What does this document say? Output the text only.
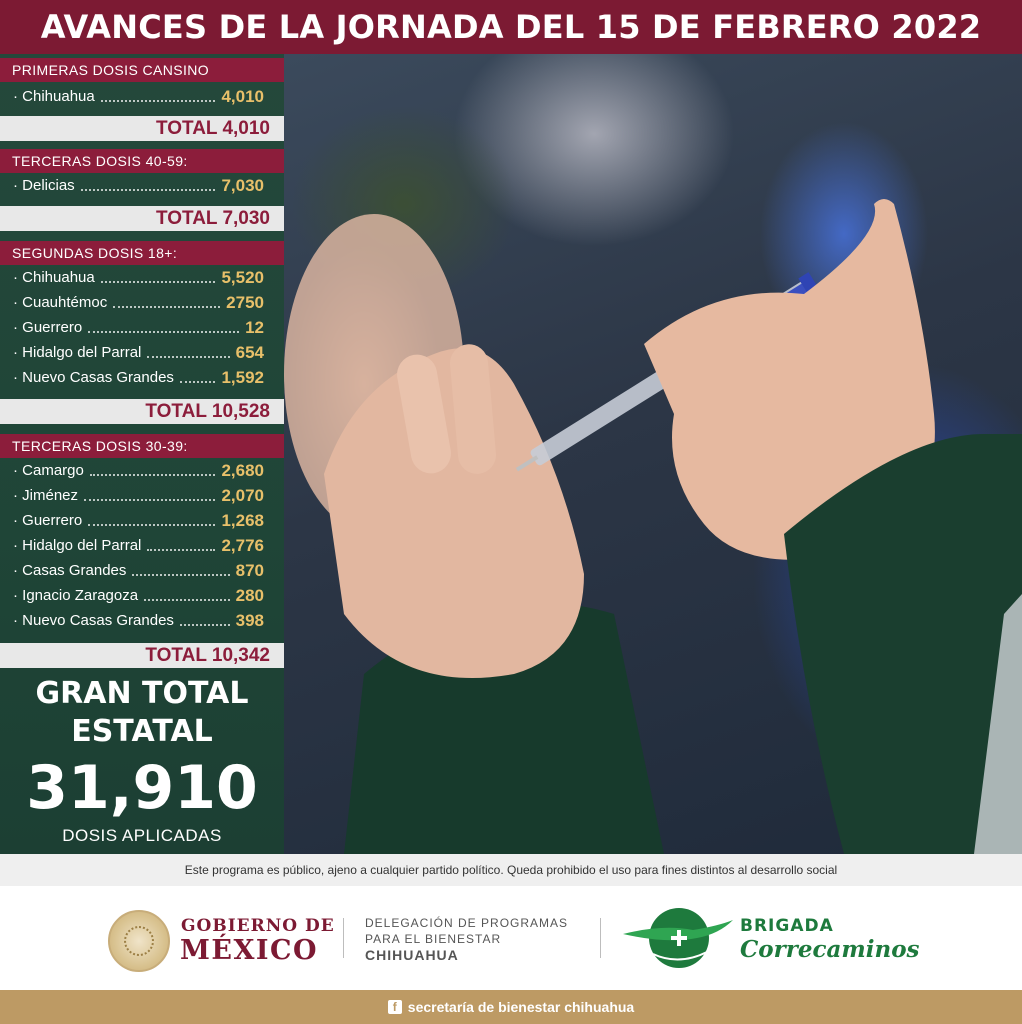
AVANCES DE LA JORNADA DEL 15 DE FEBRERO 2022
PRIMERAS DOSIS CANSINO
· Chihuahua	4,010
TOTAL 4,010
TERCERAS DOSIS 40-59:
· Delicias	7,030
TOTAL 7,030
SEGUNDAS DOSIS 18+:
· Chihuahua	5,520
· Cuauhtémoc	2750
· Guerrero	12
· Hidalgo del Parral	654
· Nuevo Casas Grandes	1,592
TOTAL 10,528
TERCERAS DOSIS 30-39:
· Camargo	2,680
· Jiménez	2,070
· Guerrero	1,268
· Hidalgo del Parral	2,776
· Casas Grandes	870
· Ignacio Zaragoza	280
· Nuevo Casas Grandes	398
TOTAL 10,342
GRAN TOTAL
ESTATAL
31,910
DOSIS APLICADAS
Este programa es público, ajeno a cualquier partido político. Queda prohibido el uso para fines distintos al desarrollo social
GOBIERNO DE
MÉXICO
DELEGACIÓN DE PROGRAMAS
PARA EL BIENESTAR
CHIHUAHUA
BRIGADA
Correcaminos
f secretaría de bienestar chihuahua
